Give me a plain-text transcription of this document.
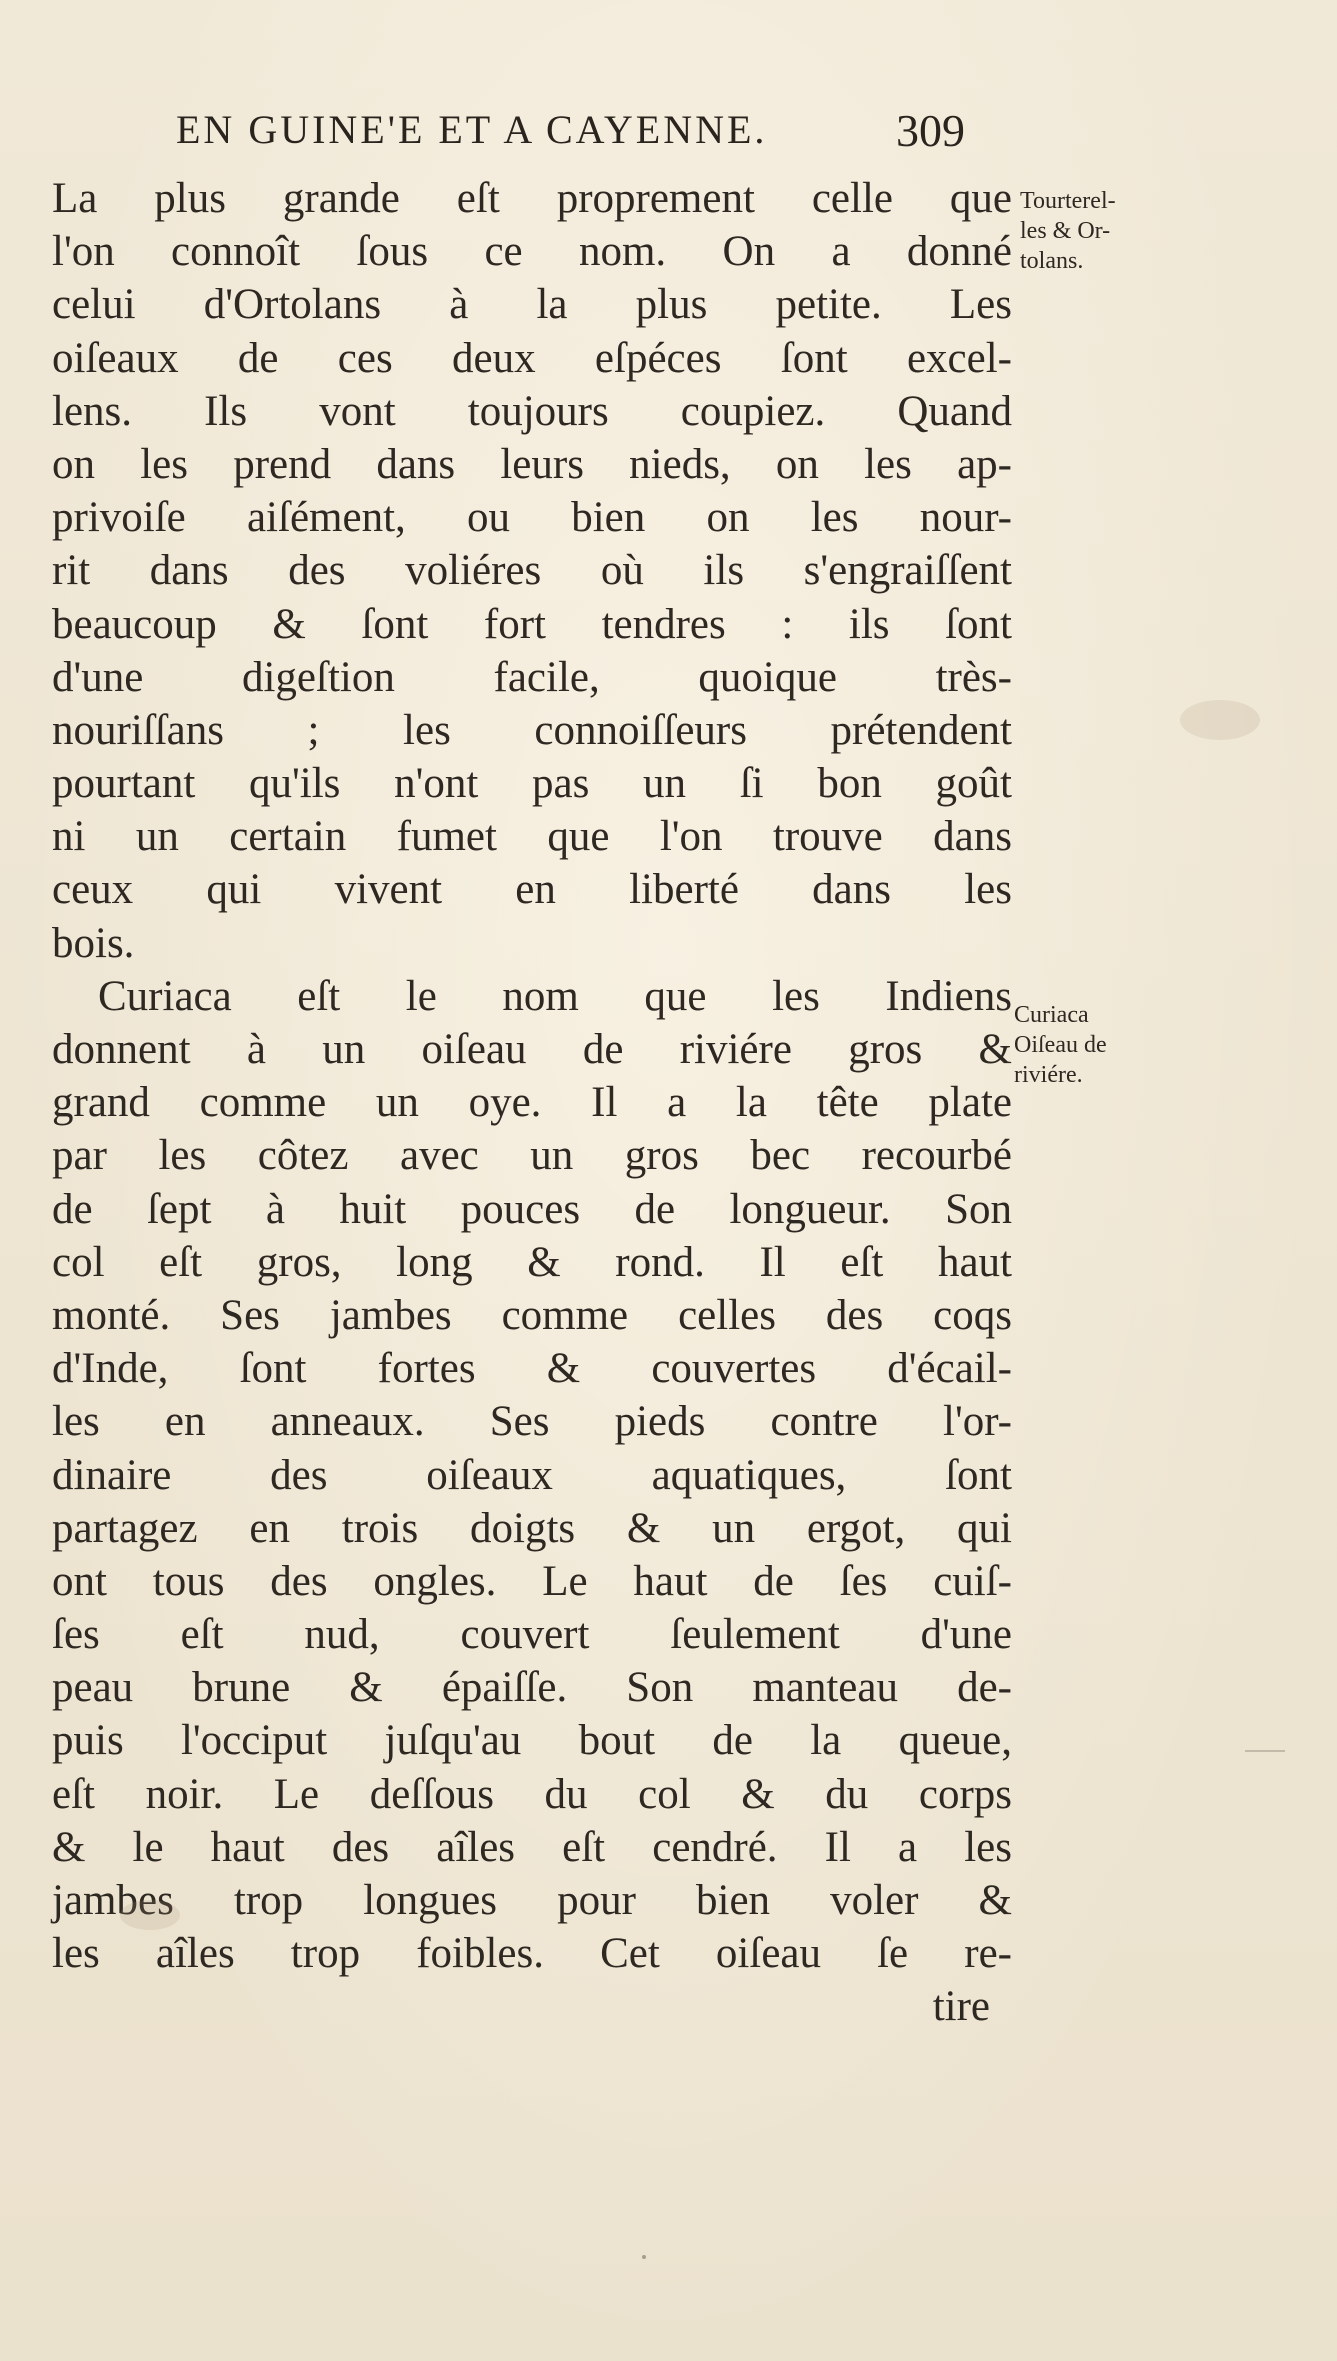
EN GUINE'E ET A CAYENNE.	309
La plus grande eſt proprement celle que
l'on connoît ſous ce nom. On a donné
celui d'Ortolans à la plus petite. Les
oiſeaux de ces deux eſpéces ſont excel-
lens. Ils vont toujours coupiez. Quand
on les prend dans leurs nieds, on les ap-
privoiſe aiſément, ou bien on les nour-
rit dans des voliéres où ils s'engraiſſent
beaucoup & ſont fort tendres : ils ſont
d'une digeſtion facile, quoique très-
nouriſſans ; les connoiſſeurs prétendent
pourtant qu'ils n'ont pas un ſi bon goût
ni un certain fumet que l'on trouve dans
ceux qui vivent en liberté dans les
bois.
Curiaca eſt le nom que les Indiens
donnent à un oiſeau de riviére gros &
grand comme un oye. Il a la tête plate
par les côtez avec un gros bec recourbé
de ſept à huit pouces de longueur. Son
col eſt gros, long & rond. Il eſt haut
monté. Ses jambes comme celles des coqs
d'Inde, ſont fortes & couvertes d'écail-
les en anneaux. Ses pieds contre l'or-
dinaire des oiſeaux aquatiques, ſont
partagez en trois doigts & un ergot, qui
ont tous des ongles. Le haut de ſes cuiſ-
ſes eſt nud, couvert ſeulement d'une
peau brune & épaiſſe. Son manteau de-
puis l'occiput juſqu'au bout de la queue,
eſt noir. Le deſſous du col & du corps
& le haut des aîles eſt cendré. Il a les
jambes trop longues pour bien voler &
les aîles trop foibles. Cet oiſeau ſe re-
tire
Tourterel-
les & Or-
tolans.
Curiaca
Oiſeau de
riviére.
